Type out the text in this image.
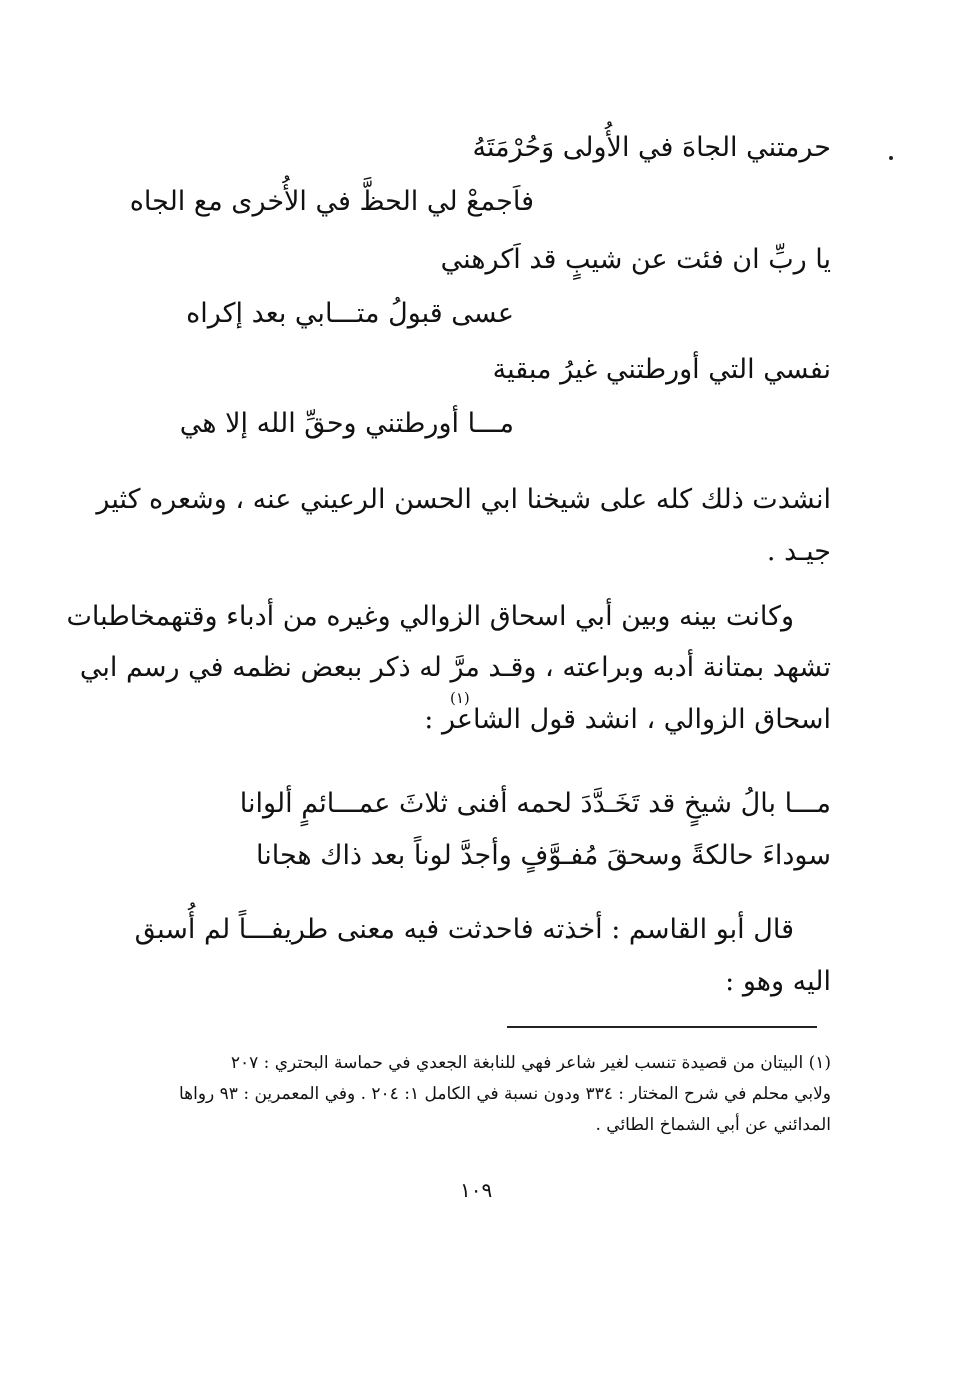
حرمتني الجاهَ في الأُولى وَحُرْمَتَهُ
فاَجمعْ لي الحظَّ في الأُخرى مع الجاه
يا ربِّ ان فئت عن شيبٍ قد اَكرهني
عسى قبولُ متـــابي بعد إكراه
نفسي التي أورطتني غيرُ مبقية
مـــا أورطتني وحقِّ الله إلا هي
انشدت ذلك كله على شيخنا ابي الحسن الرعيني عنه ، وشعره كثير
جيـد .
وكانت بينه وبين أبي اسحاق الزوالي وغيره من أدباء وقتهمخاطبات
تشهد بمتانة أدبه وبراعته ، وقـد مرَّ له ذكر ببعض نظمه في رسم ابي
اسحاق الزوالي ، انشد قول الشاعر :
(١)
مـــا بالُ شيخٍ قد تَخَـدَّدَ لحمه أفنى ثلاثَ عمـــائمٍ ألوانا
سوداءَ حالكةً وسحقَ مُفـوَّفٍ وأجدَّ لوناً بعد ذاك هجانا
قال أبو القاسم : أخذته فاحدثت فيه معنى طريفـــاً لم أُسبق
اليه وهو :
(١) البيتان من قصيدة تنسب لغير شاعر فهي للنابغة الجعدي في حماسة البحتري : ٢٠٧
ولابي محلم في شرح المختار : ٣٣٤ ودون نسبة في الكامل ١: ٢٠٤ . وفي المعمرين : ٩٣ رواها
المدائني عن أبي الشماخ الطائي .
١٠٩
